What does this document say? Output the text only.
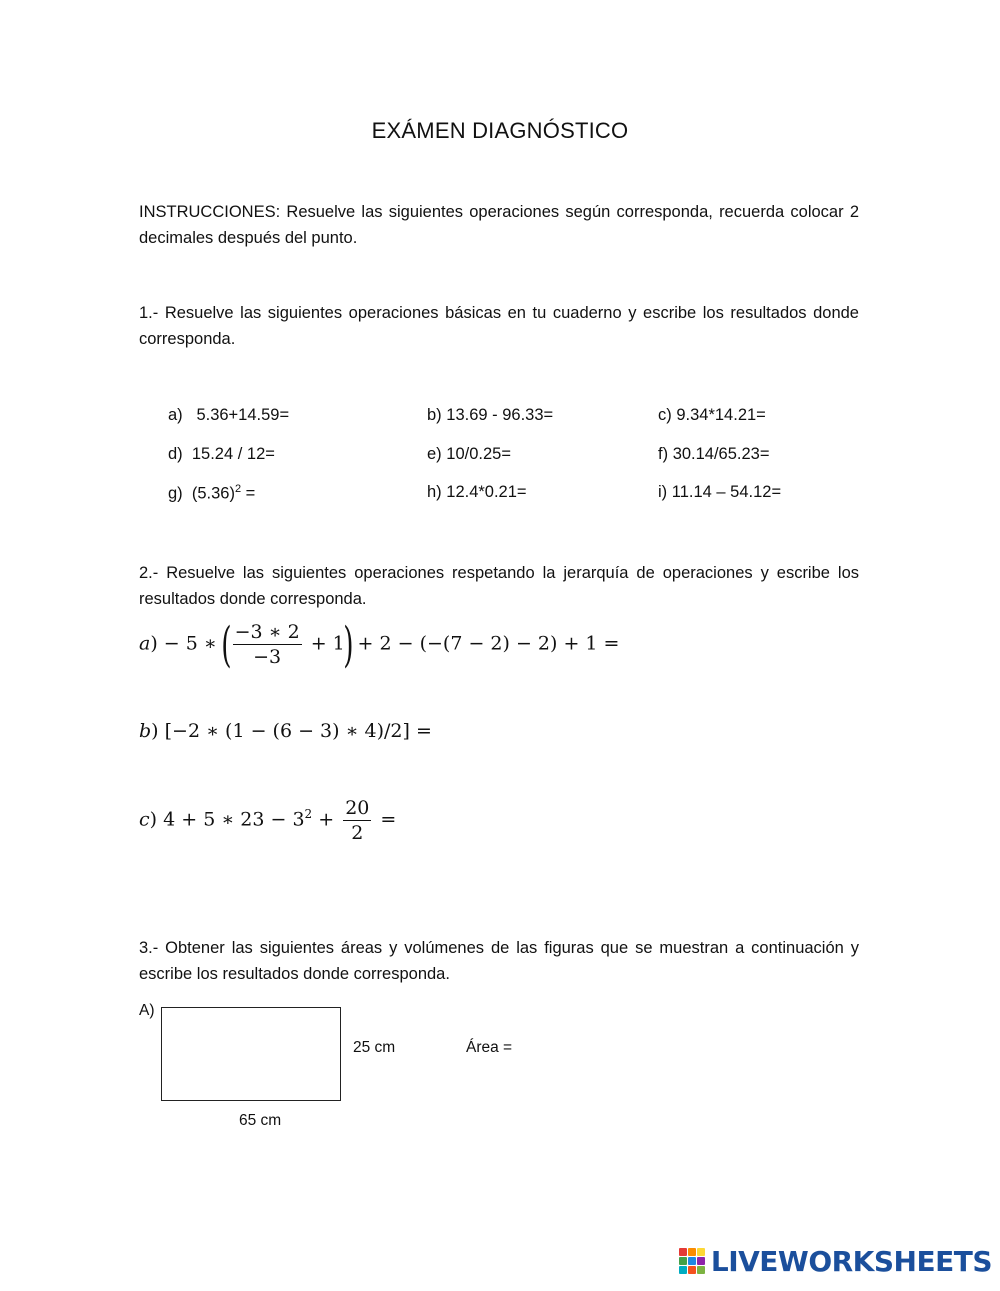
EXÁMEN DIAGNÓSTICO
INSTRUCCIONES: Resuelve las siguientes operaciones según corresponda, recuerda colocar 2 decimales después del punto.
1.- Resuelve las siguientes operaciones básicas en tu cuaderno y escribe los resultados donde corresponda.
a) 5.36+14.59=	b) 13.69 - 96.33=	c) 9.34*14.21=
d) 15.24 / 12=	e) 10/0.25=	f) 30.14/65.23=
g) $(5.36)^2$ =	h) 12.4*0.21=	i) 11.14 – 54.12=
2.- Resuelve las siguientes operaciones respetando la jerarquía de operaciones y escribe los resultados donde corresponda.
a) − 5 ∗ ( $\frac{-3 ∗ 2}{-3} + 1) + 2 - (-(7 - 2) - 2) + 1$ =
b) [−2 ∗ (1 − (6 − 3) ∗ 4)/2] =
c) 4 + 5 ∗ $23 - 3^2 + \frac{20}{2}$ =
3.- Obtener las siguientes áreas y volúmenes de las figuras que se muestran a continuación y escribe los resultados donde corresponda.
A)
25 cm	Área =
65 cm
LIVEWORKSHEETS
